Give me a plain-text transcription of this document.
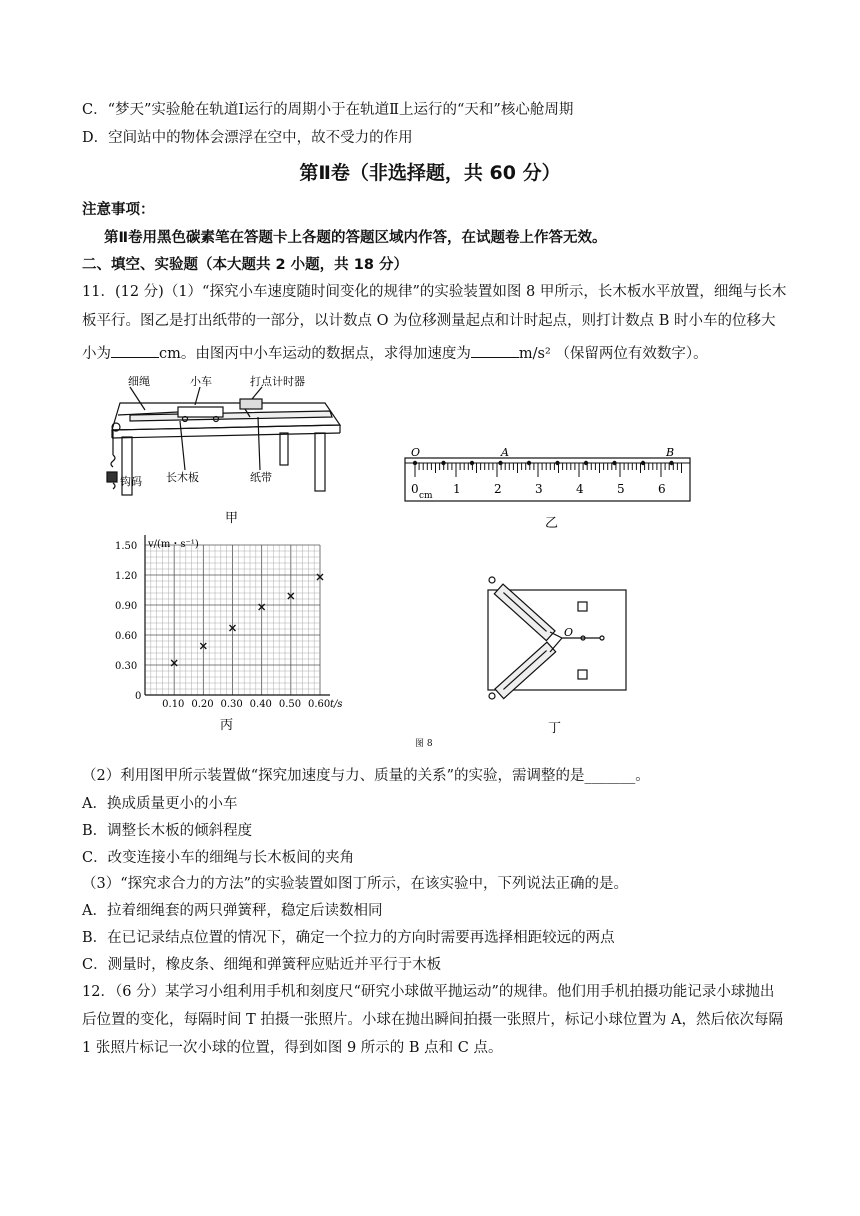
C．“梦天”实验舱在轨道Ⅰ运行的周期小于在轨道Ⅱ上运行的“天和”核心舱周期
D．空间站中的物体会漂浮在空中，故不受力的作用
第Ⅱ卷（非选择题，共 60 分）
注意事项：
第Ⅱ卷用黑色碳素笔在答题卡上各题的答题区域内作答，在试题卷上作答无效。
二、填空、实验题（本大题共 2 小题，共 18 分）
11．(12 分)（1）“探究小车速度随时间变化的规律”的实验装置如图 8 甲所示，长木板水平放置，细绳与长木
板平行。图乙是打出纸带的一部分，以计数点 O 为位移测量起点和计时起点，则打计数点 B 时小车的位移大
小为	cm。由图丙中小车运动的数据点，求得加速度为	m/s² （保留两位有效数字）。
细绳	小车	打点计时器
长木板	纸带
钩码
甲
O	A	B
0 cm 1	2	3	4	5	6
乙
0.10 0.20 0.30 0.40 0.50 0.60
0.30
0.60
0.90
1.20
1.50
0
v/(m・s⁻¹)
t/s
丙
O
丁
图 8
（2）利用图甲所示装置做“探究加速度与力、质量的关系”的实验，需调整的是_______。
A．换成质量更小的小车
B．调整长木板的倾斜程度
C．改变连接小车的细绳与长木板间的夹角
（3）“探究求合力的方法”的实验装置如图丁所示，在该实验中，下列说法正确的是。
A．拉着细绳套的两只弹簧秤，稳定后读数相同
B．在已记录结点位置的情况下，确定一个拉力的方向时需要再选择相距较远的两点
C．测量时，橡皮条、细绳和弹簧秤应贴近并平行于木板
12．（6 分）某学习小组利用手机和刻度尺“研究小球做平抛运动”的规律。他们用手机拍摄功能记录小球抛出
后位置的变化，每隔时间 T 拍摄一张照片。小球在抛出瞬间拍摄一张照片，标记小球位置为 A，然后依次每隔
1 张照片标记一次小球的位置，得到如图 9 所示的 B 点和 C 点。
